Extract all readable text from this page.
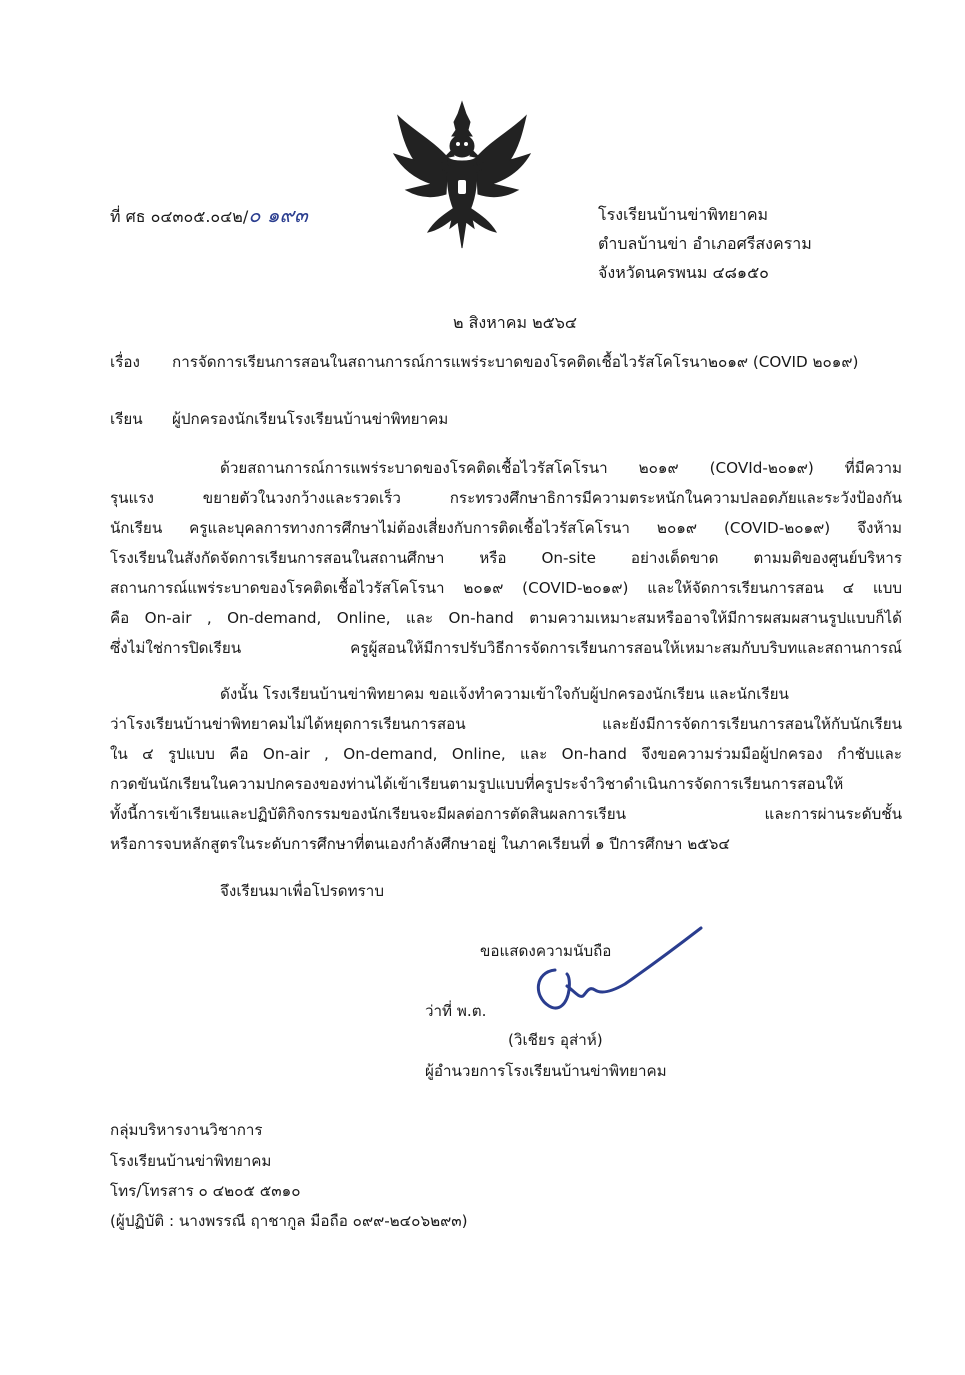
ที่ ศธ ๐๔๓๐๕.๐๔๒/๐ ๑๙๓	โรงเรียนบ้านข่าพิทยาคม
ตำบลบ้านข่า อำเภอศรีสงคราม
จังหวัดนครพนม ๔๘๑๕๐
๒ สิงหาคม ๒๕๖๔
เรื่อง การจัดการเรียนการสอนในสถานการณ์การแพร่ระบาดของโรคติดเชื้อไวรัสโคโรนา๒๐๑๙ (COVID ๒๐๑๙)
เรียน ผู้ปกครองนักเรียนโรงเรียนบ้านข่าพิทยาคม
ด้วยสถานการณ์การแพร่ระบาดของโรคติดเชื้อไวรัสโคโรนา ๒๐๑๙ (COVId-๒๐๑๙) ที่มีความ
รุนแรง ขยายตัวในวงกว้างและรวดเร็ว กระทรวงศึกษาธิการมีความตระหนักในความปลอดภัยและระวังป้องกัน
นักเรียน ครูและบุคลการทางการศึกษาไม่ต้องเสี่ยงกับการติดเชื้อไวรัสโคโรนา ๒๐๑๙ (COVID-๒๐๑๙) จึงห้าม
โรงเรียนในสังกัดจัดการเรียนการสอนในสถานศึกษา หรือ On-site อย่างเด็ดขาด ตามมติของศูนย์บริหาร
สถานการณ์แพร่ระบาดของโรคติดเชื้อไวรัสโคโรนา ๒๐๑๙ (COVID-๒๐๑๙) และให้จัดการเรียนการสอน ๔ แบบ
คือ On-air , On-demand, Online, และ On-hand ตามความเหมาะสมหรืออาจให้มีการผสมผสานรูปแบบก็ได้
ซึ่งไม่ใช่การปิดเรียน ครูผู้สอนให้มีการปรับวิธีการจัดการเรียนการสอนให้เหมาะสมกับบริบทและสถานการณ์
ดังนั้น โรงเรียนบ้านข่าพิทยาคม ขอแจ้งทำความเข้าใจกับผู้ปกครองนักเรียน และนักเรียน
ว่าโรงเรียนบ้านข่าพิทยาคมไม่ได้หยุดการเรียนการสอน และยังมีการจัดการเรียนการสอนให้กับนักเรียน
ใน ๔ รูปแบบ คือ On-air , On-demand, Online, และ On-hand จึงขอความร่วมมือผู้ปกครอง กำชับและ
กวดขันนักเรียนในความปกครองของท่านได้เข้าเรียนตามรูปแบบที่ครูประจำวิชาดำเนินการจัดการเรียนการสอนให้
ทั้งนี้การเข้าเรียนและปฏิบัติกิจกรรมของนักเรียนจะมีผลต่อการตัดสินผลการเรียน และการผ่านระดับชั้น
หรือการจบหลักสูตรในระดับการศึกษาที่ตนเองกำลังศึกษาอยู่ ในภาคเรียนที่ ๑ ปีการศึกษา ๒๕๖๔
จึงเรียนมาเพื่อโปรดทราบ
ขอแสดงความนับถือ
ว่าที่ พ.ต.
(วิเชียร อุส่าห์)
ผู้อำนวยการโรงเรียนบ้านข่าพิทยาคม
กลุ่มบริหารงานวิชาการ
โรงเรียนบ้านข่าพิทยาคม
โทร/โทรสาร ๐ ๔๒๐๕ ๕๓๑๐
(ผู้ปฏิบัติ : นางพรรณี ฤาชากูล มือถือ ๐๙๙-๒๔๐๖๒๙๓)
